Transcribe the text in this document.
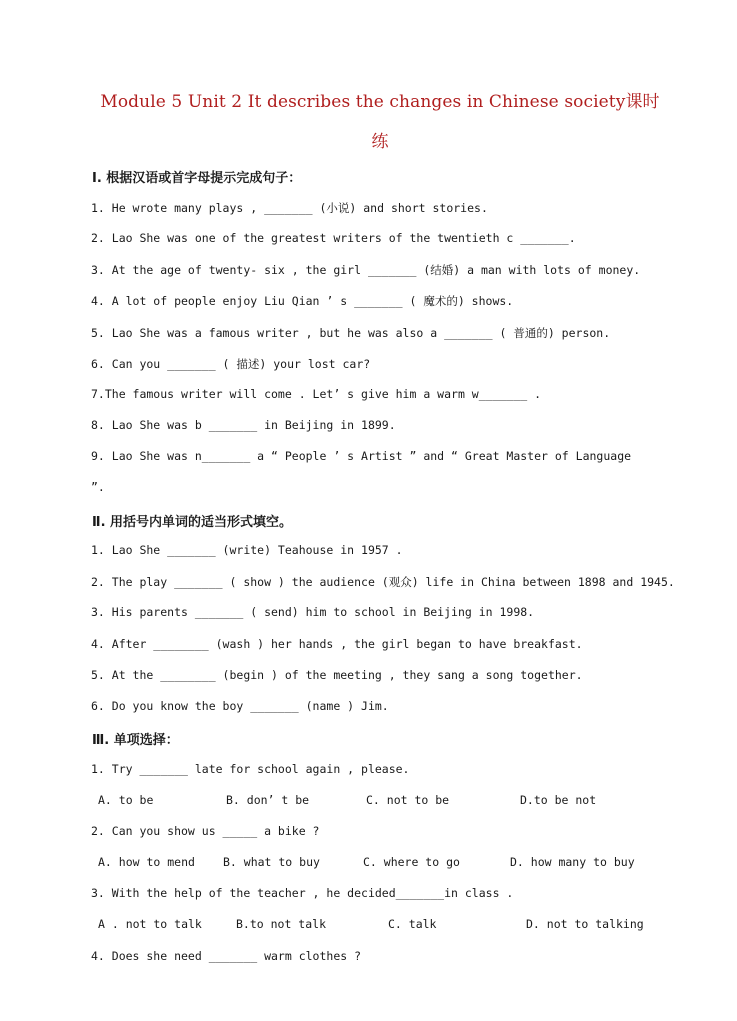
Module 5 Unit 2 It describes the changes in Chinese society课时
练
Ⅰ. 根据汉语或首字母提示完成句子：
1. He wrote many plays , _______ (小说) and short stories.
2. Lao She was one of the greatest writers of the twentieth c _______.
3. At the age of twenty- six , the girl _______ (结婚) a man with lots of money.
4. A lot of people enjoy Liu Qian ’ s _______ ( 魔术的) shows.
5. Lao She was a famous writer , but he was also a _______ ( 普通的) person.
6. Can you _______ ( 描述) your lost car?
7.The famous writer will come . Let’ s give him a warm w_______ .
8. Lao She was b _______ in Beijing in 1899.
9. Lao She was n_______ a “ People ’ s Artist ” and “ Great Master of Language
”.
Ⅱ. 用括号内单词的适当形式填空。
1. Lao She _______ (write) Teahouse in 1957 .
2. The play _______ ( show ) the audience (观众) life in China between 1898 and 1945.
3. His parents _______ ( send) him to school in Beijing in 1998.
4. After ________ (wash ) her hands , the girl began to have breakfast.
5. At the ________ (begin ) of the meeting , they sang a song together.
6. Do you know the boy _______ (name ) Jim.
Ⅲ. 单项选择：
1. Try _______ late for school again , please.
A. to be	B. don’ t be	C. not to be	D.to be not
2. Can you show us _____ a bike ?
A. how to mend B. what to buy	C. where to go	D. how many to buy
3. With the help of the teacher , he decided_______in class .
A . not to talk	B.to not talk	C. talk	D. not to talking
4. Does she need _______ warm clothes ?
